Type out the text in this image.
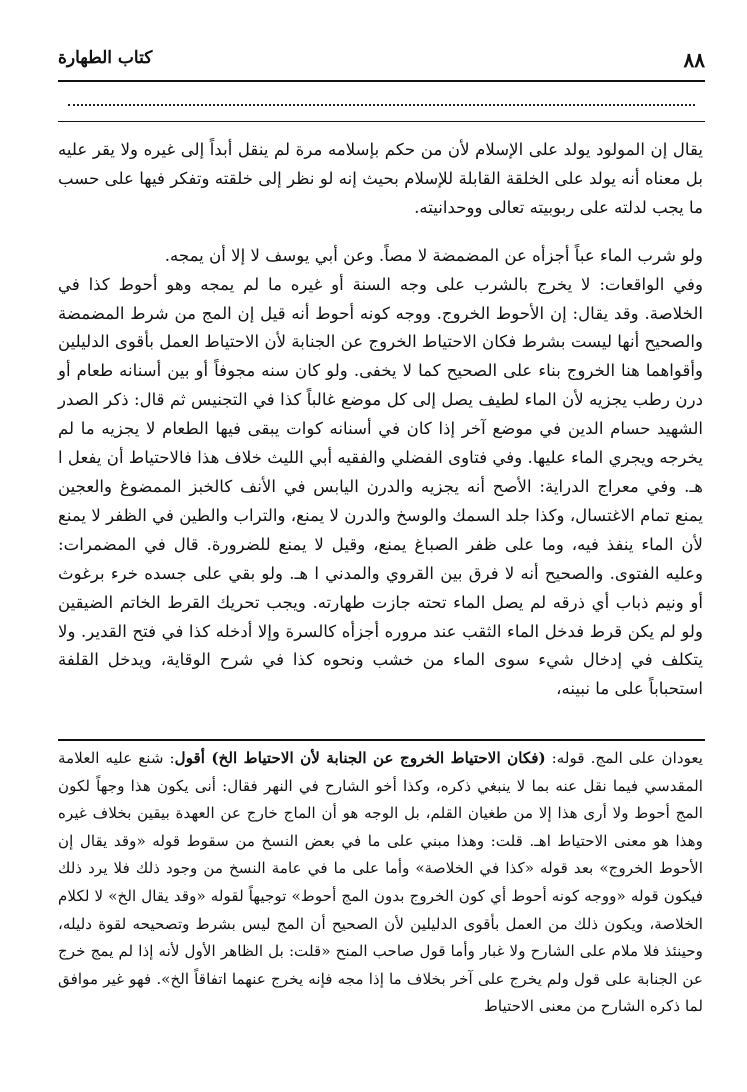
٨٨
كتاب الطهارة

يقال إن المولود يولد على الإسلام لأن من حكم بإسلامه مرة لم ينقل أبداً إلى غيره ولا يقر عليه بل معناه أنه يولد على الخلقة القابلة للإسلام بحيث إنه لو نظر إلى خلقته وتفكر فيها على حسب ما يجب لدلته على ربوبيته تعالى ووحدانيته.

ولو شرب الماء عباً أجزأه عن المضمضة لا مصاً. وعن أبي يوسف لا إلا أن يمجه.

وفي الواقعات: لا يخرج بالشرب على وجه السنة أو غيره ما لم يمجه وهو أحوط كذا في الخلاصة. وقد يقال: إن الأحوط الخروج. ووجه كونه أحوط أنه قيل إن المج من شرط المضمضة والصحيح أنها ليست بشرط فكان الاحتياط الخروج عن الجنابة لأن الاحتياط العمل بأقوى الدليلين وأقواهما هنا الخروج بناء على الصحيح كما لا يخفى. ولو كان سنه مجوفاً أو بين أسنانه طعام أو درن رطب يجزيه لأن الماء لطيف يصل إلى كل موضع غالباً كذا في التجنيس ثم قال: ذكر الصدر الشهيد حسام الدين في موضع آخر إذا كان في أسنانه كوات يبقى فيها الطعام لا يجزيه ما لم يخرجه ويجري الماء عليها. وفي فتاوى الفضلي والفقيه أبي الليث خلاف هذا فالاحتياط أن يفعل ا هـ. وفي معراج الدراية: الأصح أنه يجزيه والدرن اليابس في الأنف كالخبز الممضوغ والعجين يمنع تمام الاغتسال، وكذا جلد السمك والوسخ والدرن لا يمنع، والتراب والطين في الظفر لا يمنع لأن الماء ينفذ فيه، وما على ظفر الصباغ يمنع، وقيل لا يمنع للضرورة. قال في المضمرات: وعليه الفتوى. والصحيح أنه لا فرق بين القروي والمدني ا هـ. ولو بقي على جسده خرء برغوث أو ونيم ذباب أي ذرقه لم يصل الماء تحته جازت طهارته. ويجب تحريك القرط الخاتم الضيقين ولو لم يكن قرط فدخل الماء الثقب عند مروره أجزأه كالسرة وإلا أدخله كذا في فتح القدير. ولا يتكلف في إدخال شيء سوى الماء من خشب ونحوه كذا في شرح الوقاية، ويدخل القلفة استحباباً على ما نبينه،

يعودان على المج. قوله: (فكان الاحتياط الخروج عن الجنابة لأن الاحتياط الخ) أقول: شنع عليه العلامة المقدسي فيما نقل عنه بما لا ينبغي ذكره، وكذا أخو الشارح في النهر فقال: أنى يكون هذا وجهاً لكون المج أحوط ولا أرى هذا إلا من طغيان القلم، بل الوجه هو أن الماج خارج عن العهدة بيقين بخلاف غيره وهذا هو معنى الاحتياط اهـ. قلت: وهذا مبني على ما في بعض النسخ من سقوط قوله «وقد يقال إن الأحوط الخروج» بعد قوله «كذا في الخلاصة» وأما على ما في عامة النسخ من وجود ذلك فلا يرد ذلك فيكون قوله «ووجه كونه أحوط أي كون الخروج بدون المج أحوط» توجيهاً لقوله «وقد يقال الخ» لا لكلام الخلاصة، ويكون ذلك من العمل بأقوى الدليلين لأن الصحيح أن المج ليس بشرط وتصحيحه لقوة دليله، وحينئذ فلا ملام على الشارح ولا غبار وأما قول صاحب المنح «قلت: بل الظاهر الأول لأنه إذا لم يمج خرج عن الجنابة على قول ولم يخرج على آخر بخلاف ما إذا مجه فإنه يخرج عنهما اتفاقاً الخ». فهو غير موافق لما ذكره الشارح من معنى الاحتياط
